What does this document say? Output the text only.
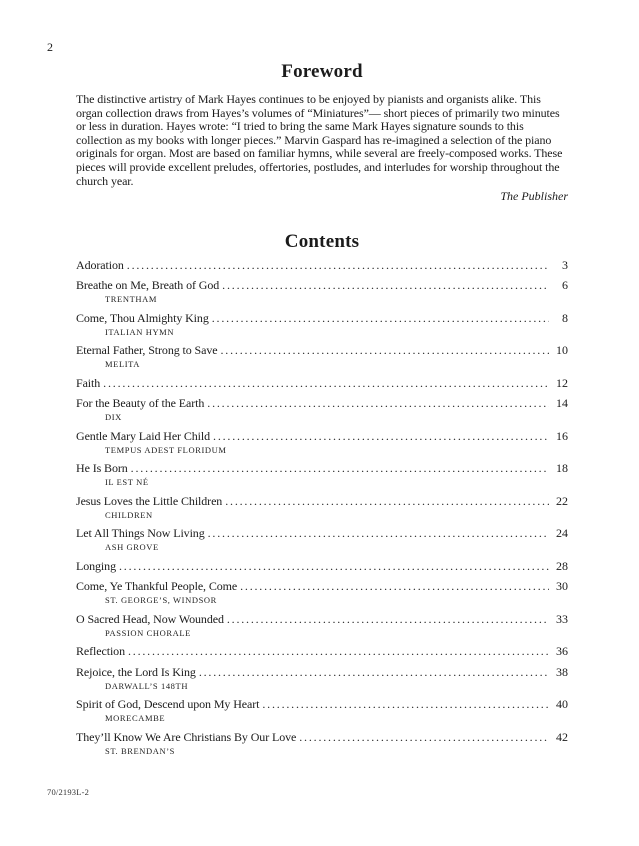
2
Foreword

The distinctive artistry of Mark Hayes continues to be enjoyed by pianists and organists alike. This organ collection draws from Hayes’s volumes of “Miniatures”— short pieces of primarily two minutes or less in duration. Hayes wrote: “I tried to bring the same Mark Hayes signature sounds to this collection as my books with longer pieces.” Marvin Gaspard has re-imagined a selection of the piano originals for organ. Most are based on familiar hymns, while several are freely-composed works. These pieces will provide excellent preludes, offertories, postludes, and interludes for worship throughout the church year.

The Publisher
Contents
Adoration .....	3
Breathe on Me, Breath of God .....	6
TRENTHAM
Come, Thou Almighty King .....	8
ITALIAN HYMN
Eternal Father, Strong to Save .....	10
MELITA
Faith .....	12
For the Beauty of the Earth .....	14
DIX
Gentle Mary Laid Her Child .....	16
TEMPUS ADEST FLORIDUM
He Is Born .....	18
IL EST NÉ
Jesus Loves the Little Children .....	22
CHILDREN
Let All Things Now Living .....	24
ASH GROVE
Longing .....	28
Come, Ye Thankful People, Come .....	30
ST. GEORGE’S, WINDSOR
O Sacred Head, Now Wounded .....	33
PASSION CHORALE
Reflection .....	36
Rejoice, the Lord Is King .....	38
DARWALL’S 148TH
Spirit of God, Descend upon My Heart .....	40
MORECAMBE
They’ll Know We Are Christians By Our Love .....	42
ST. BRENDAN’S
70/2193L-2
